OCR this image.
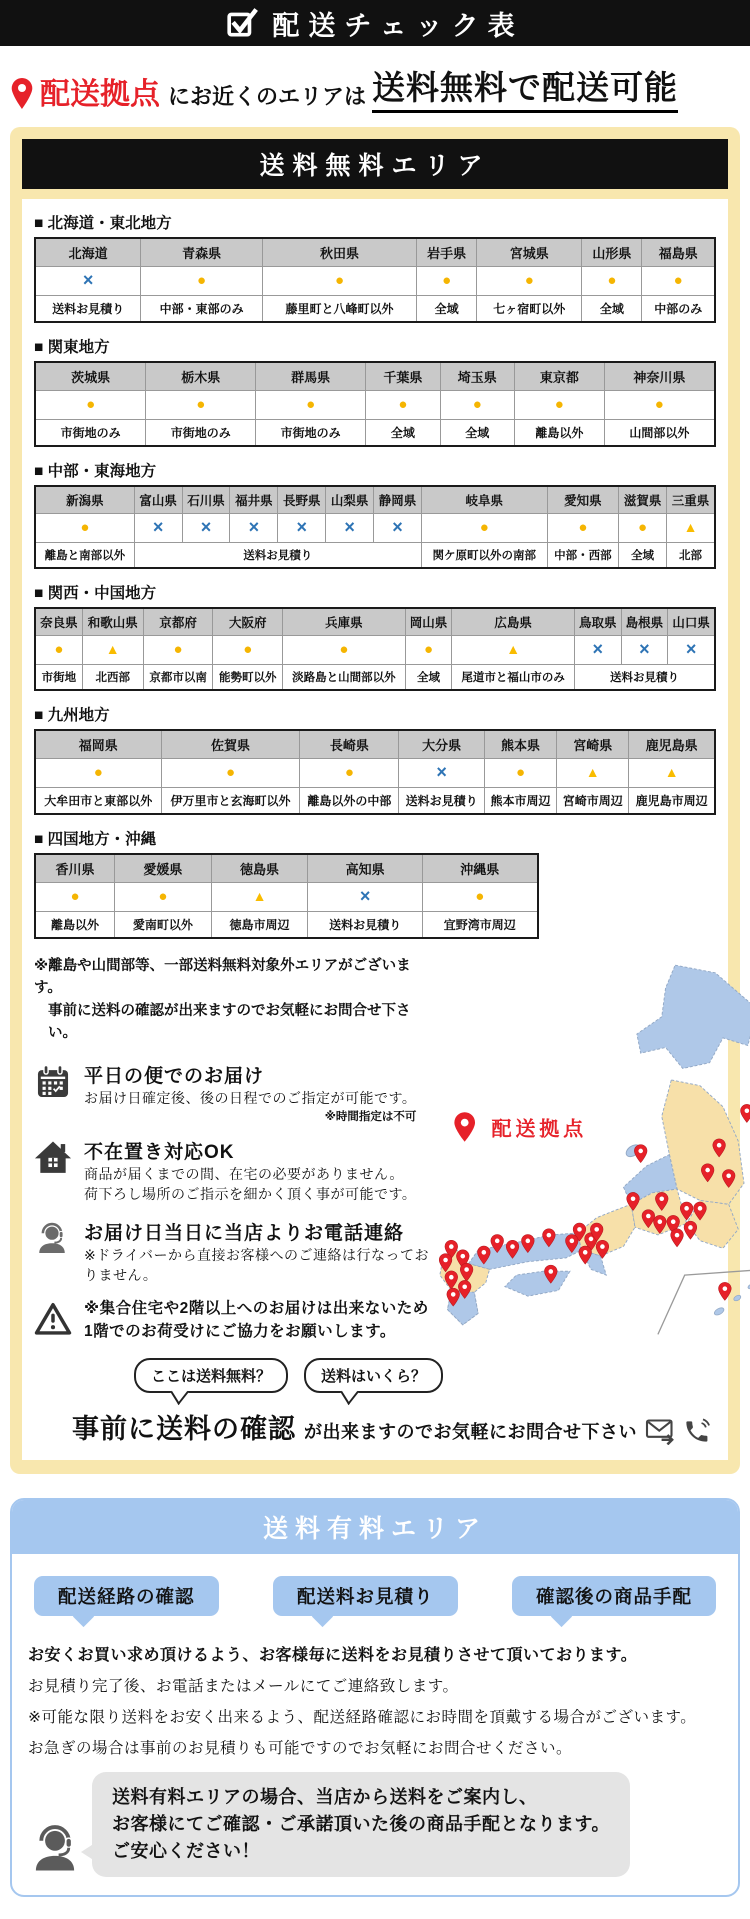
配送チェック表
配送拠点 にお近くのエリアは 送料無料で配送可能
送料無料エリア
■ 北海道・東北地方
北海道	青森県	秋田県	岩手県	宮城県	山形県	福島県
×	●	●	●	●	●	●
送料お見積り	中部・東部のみ	藤里町と八峰町以外	全域	七ヶ宿町以外	全域	中部のみ
■ 関東地方
茨城県	栃木県	群馬県	千葉県	埼玉県	東京都	神奈川県
●	●	●	●	●	●	●
市街地のみ	市街地のみ	市街地のみ	全域	全域	離島以外	山間部以外
■ 中部・東海地方
新潟県	富山県	石川県	福井県	長野県	山梨県	静岡県	岐阜県	愛知県	滋賀県	三重県
●	×	×	×	×	×	×	●	●	●	▲
離島と南部以外	送料お見積り						関ケ原町以外の南部	中部・西部	全域	北部
■ 関西・中国地方
奈良県	和歌山県	京都府	大阪府	兵庫県	岡山県	広島県	鳥取県	島根県	山口県
●	▲	●	●	●	●	▲	×	×	×
市街地	北西部	京都市以南	能勢町以外	淡路島と山間部以外	全域	尾道市と福山市のみ	送料お見積り		
■ 九州地方
福岡県	佐賀県	長崎県	大分県	熊本県	宮崎県	鹿児島県
●	●	●	×	●	▲	▲
大牟田市と東部以外	伊万里市と玄海町以外	離島以外の中部	送料お見積り	熊本市周辺	宮崎市周辺	鹿児島市周辺
■ 四国地方・沖縄
香川県	愛媛県	徳島県	高知県	沖縄県
●	●	▲	×	●
離島以外	愛南町以外	徳島市周辺	送料お見積り	宜野湾市周辺
※離島や山間部等、一部送料無料対象外エリアがございます。
事前に送料の確認が出来ますのでお気軽にお問合せ下さい。
平日の便でのお届け
お届け日確定後、後の日程でのご指定が可能です。
※時間指定は不可
不在置き対応OK
商品が届くまでの間、在宅の必要がありません。
荷下ろし場所のご指示を細かく頂く事が可能です。
お届け日当日に当店よりお電話連絡
※ドライバーから直接お客様へのご連絡は行なっておりません。
※集合住宅や2階以上へのお届けは出来ないため
1階でのお荷受けにご協力をお願いします。
配送拠点
ここは送料無料？	送料はいくら？
事前に送料の確認 が出来ますのでお気軽にお問合せ下さい
送料有料エリア
配送経路の確認	配送料お見積り	確認後の商品手配
お安くお買い求め頂けるよう、お客様毎に送料をお見積りさせて頂いております。
お見積り完了後、お電話またはメールにてご連絡致します。
※可能な限り送料をお安く出来るよう、配送経路確認にお時間を頂戴する場合がございます。
お急ぎの場合は事前のお見積りも可能ですのでお気軽にお問合せください。
送料有料エリアの場合、当店から送料をご案内し、
お客様にてご確認・ご承諾頂いた後の商品手配となります。
ご安心ください！
